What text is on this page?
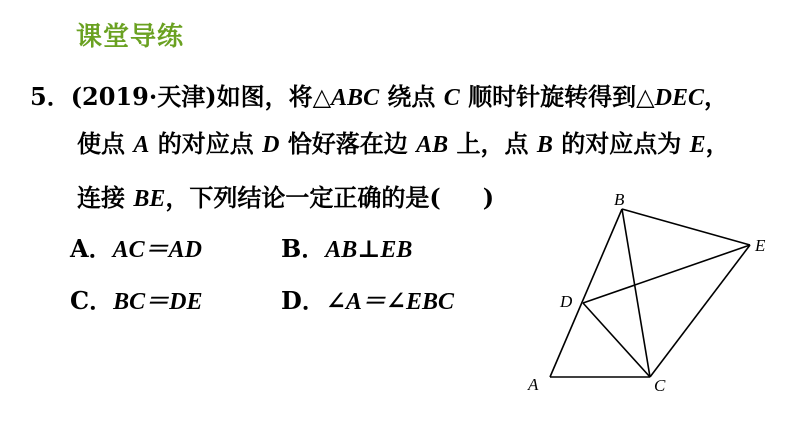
课堂导练
5．(2019·天津)如图，将△ABC 绕点 C 顺时针旋转得到△DEC，
使点 A 的对应点 D 恰好落在边 AB 上，点 B 的对应点为 E，
连接 BE，下列结论一定正确的是( )
A．AC＝AD	B．AB⊥EB
C．BC＝DE	D．∠A＝∠EBC
B
E
D
A	C
